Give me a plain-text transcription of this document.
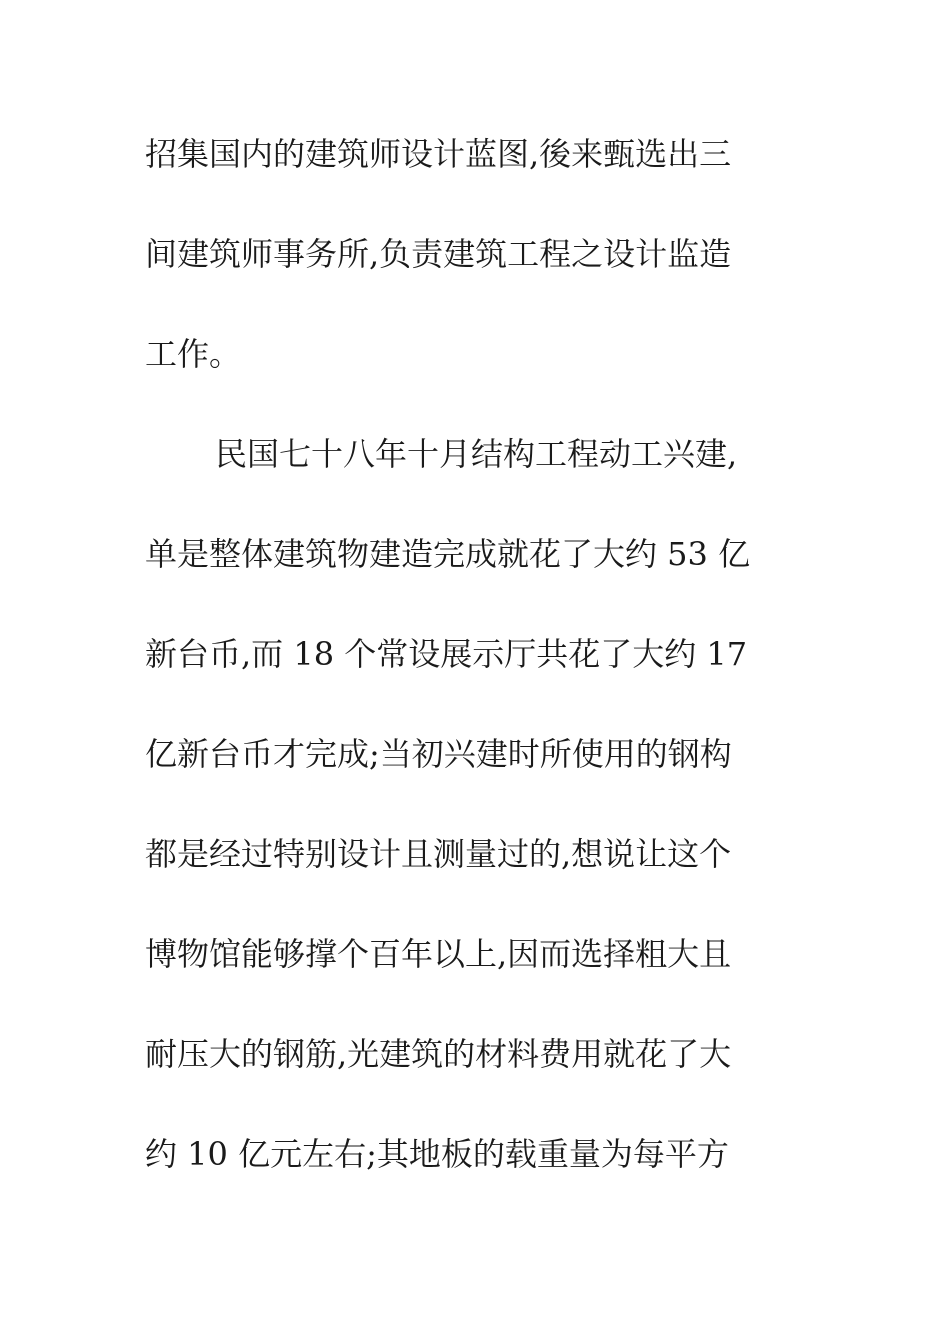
招集国内的建筑师设计蓝图,後来甄选出三
间建筑师事务所,负责建筑工程之设计监造
工作。
民国七十八年十月结构工程动工兴建,
单是整体建筑物建造完成就花了大约 53 亿
新台币,而 18 个常设展示厅共花了大约 17
亿新台币才完成;当初兴建时所使用的钢构
都是经过特别设计且测量过的,想说让这个
博物馆能够撑个百年以上,因而选择粗大且
耐压大的钢筋,光建筑的材料费用就花了大
约 10 亿元左右;其地板的载重量为每平方
